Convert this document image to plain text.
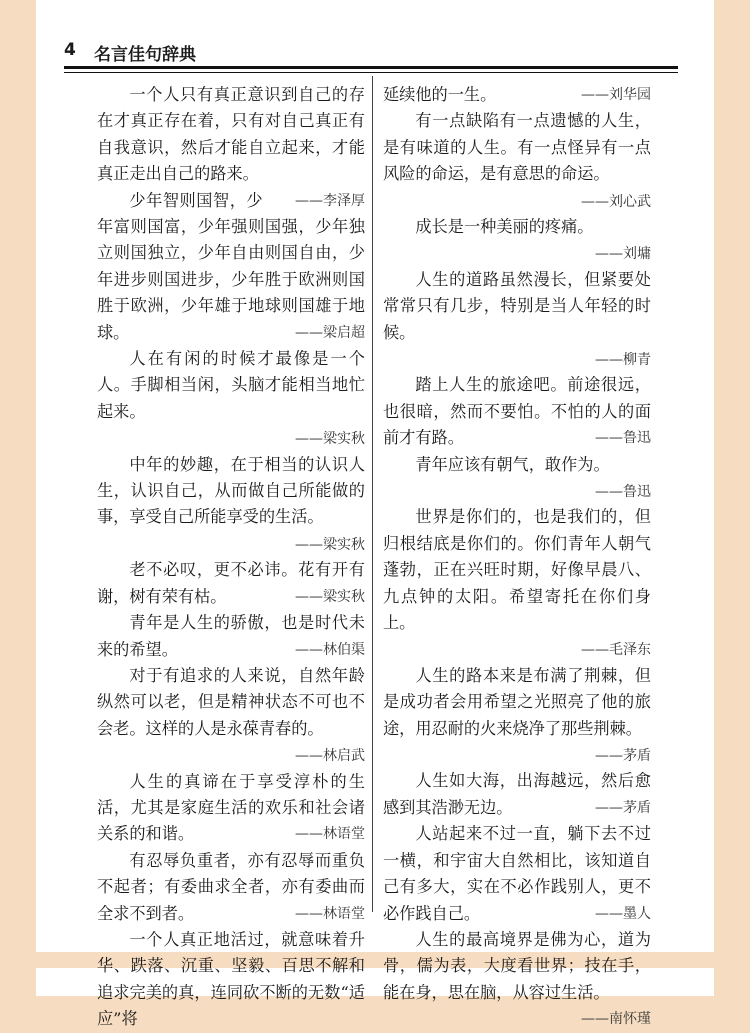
4 名言佳句辞典

一个人只有真正意识到自己的存在才真正存在着，只有对自己真正有自我意识，然后才能自立起来，才能真正走出自己的路来。
——李泽厚

少年智则国智，少年富则国富，少年强则国强，少年独立则国独立，少年自由则国自由，少年进步则国进步，少年胜于欧洲则国胜于欧洲，少年雄于地球则国雄于地球。	——梁启超

人在有闲的时候才最像是一个人。手脚相当闲，头脑才能相当地忙起来。

——梁实秋

中年的妙趣，在于相当的认识人生，认识自己，从而做自己所能做的事，享受自己所能享受的生活。

——梁实秋

老不必叹，更不必讳。花有开有谢，树有荣有枯。	——梁实秋

青年是人生的骄傲，也是时代未来的希望。	——林伯渠

对于有追求的人来说，自然年龄纵然可以老，但是精神状态不可也不会老。这样的人是永葆青春的。

——林启武

人生的真谛在于享受淳朴的生活，尤其是家庭生活的欢乐和社会诸关系的和谐。	——林语堂

有忍辱负重者，亦有忍辱而重负不起者；有委曲求全者，亦有委曲而全求不到者。	——林语堂

一个人真正地活过，就意味着升华、跌落、沉重、坚毅、百思不解和追求完美的真，连同砍不断的无数“适应”将

延续他的一生。	——刘华园

有一点缺陷有一点遗憾的人生，是有味道的人生。有一点怪异有一点风险的命运，是有意思的命运。

——刘心武

成长是一种美丽的疼痛。

——刘墉

人生的道路虽然漫长，但紧要处常常只有几步，特别是当人年轻的时候。

——柳青

踏上人生的旅途吧。前途很远，也很暗，然而不要怕。不怕的人的面前才有路。	——鲁迅

青年应该有朝气，敢作为。

——鲁迅

世界是你们的，也是我们的，但归根结底是你们的。你们青年人朝气蓬勃，正在兴旺时期，好像早晨八、九点钟的太阳。希望寄托在你们身上。

——毛泽东

人生的路本来是布满了荆棘，但是成功者会用希望之光照亮了他的旅途，用忍耐的火来烧净了那些荆棘。

——茅盾

人生如大海，出海越远，然后愈感到其浩渺无边。	——茅盾

人站起来不过一直，躺下去不过一横，和宇宙大自然相比，该知道自己有多大，实在不必作践别人，更不必作践自己。	——墨人

人生的最高境界是佛为心，道为骨，儒为表，大度看世界；技在手，能在身，思在脑，从容过生活。
——南怀瑾
